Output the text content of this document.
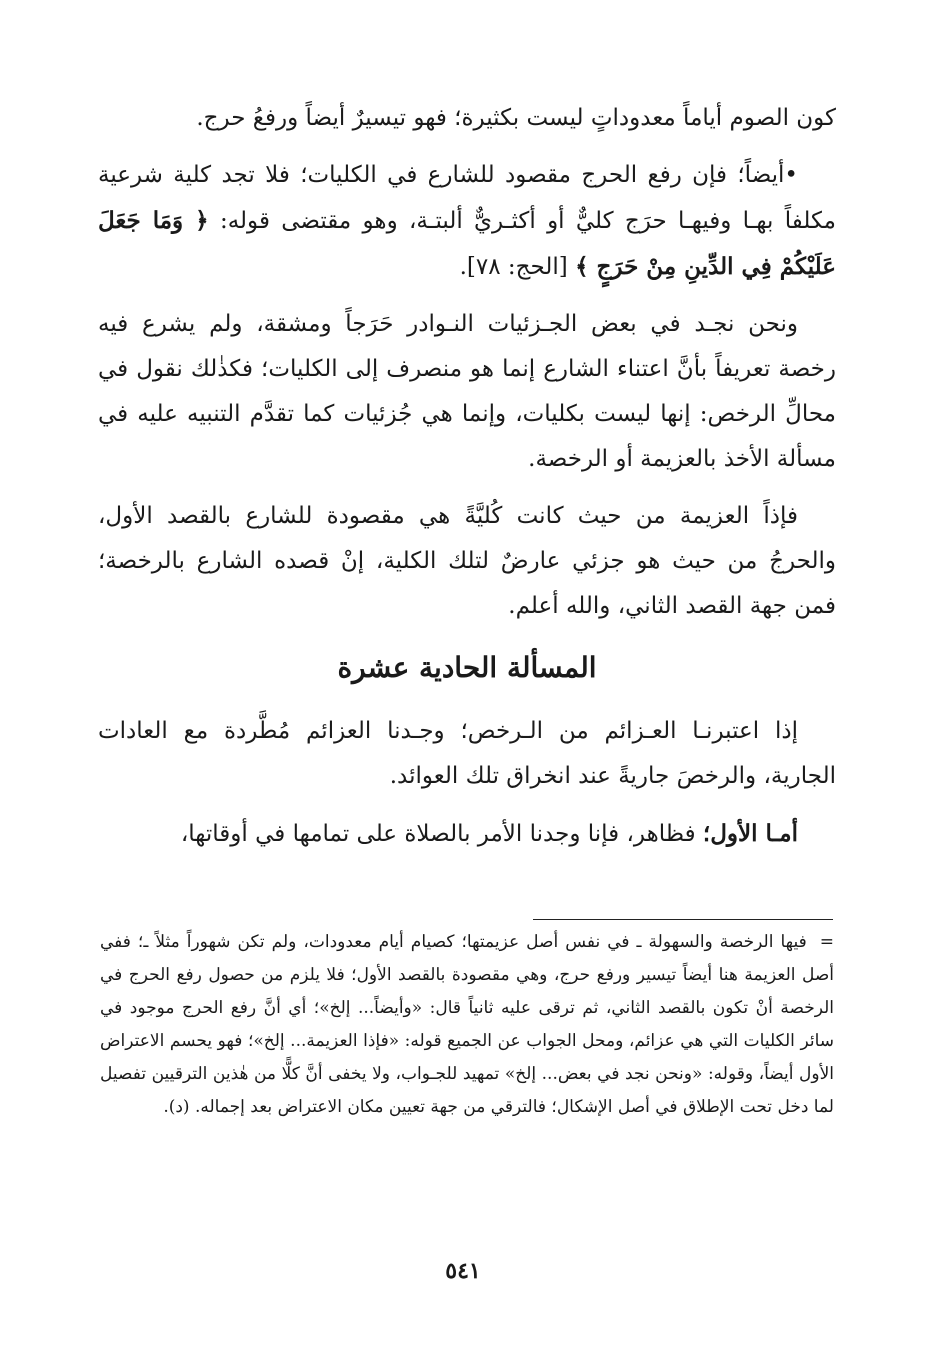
كون الصوم أياماً معدوداتٍ ليست بكثيرة؛ فهو تيسيرٌ أيضاً ورفعُ حرج.

•أيضاً؛ فإن رفع الحرج مقصود للشارع في الكليات؛ فلا تجد كلية شرعية مكلفاً بهـا وفيهـا حرَج كليٌّ أو أكثـريٌّ ألبتـة، وهو مقتضى قوله: ﴿ وَمَا جَعَلَ عَلَيْكُمْ فِي الدِّينِ مِنْ حَرَجٍ ﴾ [الحج: ٧٨].

ونحن نجـد في بعض الجـزئيات النـوادر حَرَجاً ومشقة، ولم يشرع فيه رخصة تعريفاً بأنَّ اعتناء الشارع إنما هو منصرف إلى الكليات؛ فكذٰلك نقول في محالِّ الرخص: إنها ليست بكليات، وإنما هي جُزئيات كما تقدَّم التنبيه عليه في مسألة الأخذ بالعزيمة أو الرخصة.

فإذاً العزيمة من حيث كانت كُليَّةً هي مقصودة للشارع بالقصد الأول، والحرجُ من حيث هو جزئي عارضٌ لتلك الكلية، إنْ قصده الشارع بالرخصة؛ فمن جهة القصد الثاني، والله أعلم.

المسألة الحادية عشرة

إذا اعتبرنـا العـزائم من الـرخص؛ وجـدنا العزائم مُطَّردة مع العادات الجارية، والرخصَ جاريةً عند انخراق تلك العوائد.

أمـا الأول؛ فظاهر، فإنا وجدنا الأمر بالصلاة على تمامها في أوقاتها،

= فيها الرخصة والسهولة ـ في نفس أصل عزيمتها؛ كصيام أيام معدودات، ولم تكن شهوراً مثلاً ـ؛ ففي أصل العزيمة هنا أيضاً تيسير ورفع حرج، وهي مقصودة بالقصد الأول؛ فلا يلزم من حصول رفع الحرج في الرخصة أنْ تكون بالقصد الثاني، ثم ترقى عليه ثانياً قال: «وأيضاً... إلخ»؛ أي أنَّ رفع الحرج موجود في سائر الكليات التي هي عزائم، ومحل الجواب عن الجميع قوله: «فإذا العزيمة... إلخ»؛ فهو يحسم الاعتراض الأول أيضاً، وقوله: «ونحن نجد في بعض... إلخ» تمهيد للجـواب، ولا يخفى أنَّ كلًّا من هٰذين الترقيين تفصيل لما دخل تحت الإطلاق في أصل الإشكال؛ فالترقي من جهة تعيين مكان الاعتراض بعد إجماله. (د).

٥٤١
